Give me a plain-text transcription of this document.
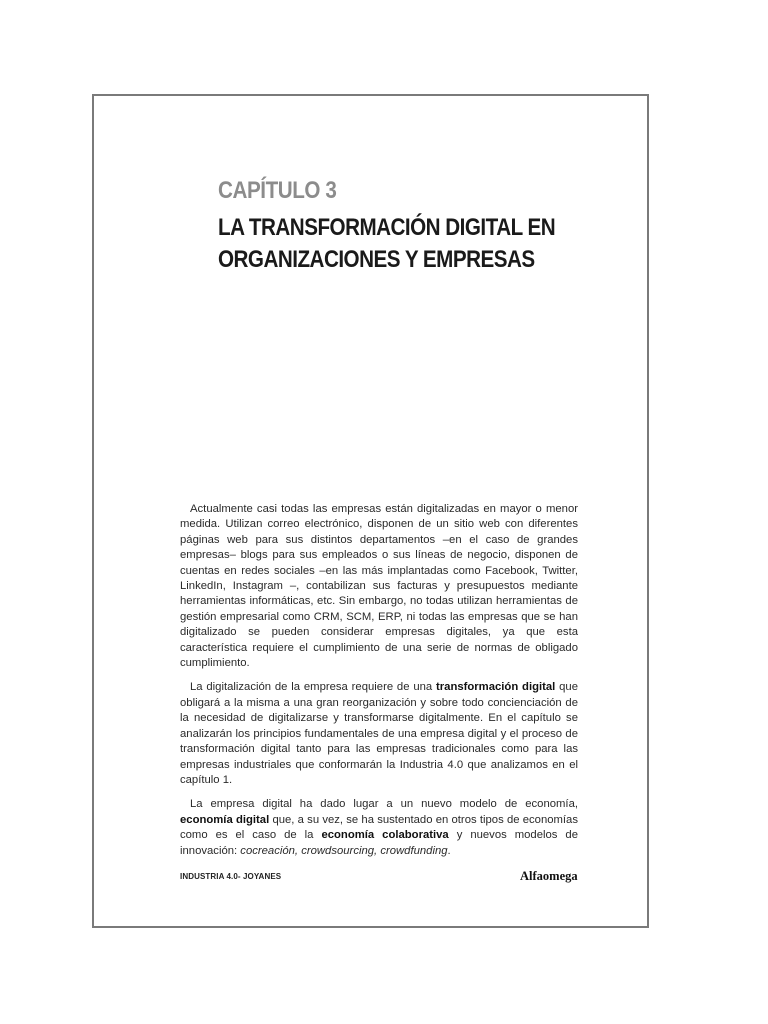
CAPÍTULO 3
LA TRANSFORMACIÓN DIGITAL EN
ORGANIZACIONES Y EMPRESAS

Actualmente casi todas las empresas están digitalizadas en mayor o menor medida. Utilizan correo electrónico, disponen de un sitio web con diferentes páginas web para sus distintos departamentos –en el caso de grandes empresas– blogs para sus empleados o sus líneas de negocio, disponen de cuentas en redes sociales –en las más implantadas como Facebook, Twitter, LinkedIn, Instagram –, contabilizan sus facturas y presupuestos mediante herramientas informáticas, etc. Sin embargo, no todas utilizan herramientas de gestión empresarial como CRM, SCM, ERP, ni todas las empresas que se han digitalizado se pueden considerar empresas digitales, ya que esta característica requiere el cumplimiento de una serie de normas de obligado cumplimiento.

La digitalización de la empresa requiere de una transformación digital que obligará a la misma a una gran reorganización y sobre todo concienciación de la necesidad de digitalizarse y transformarse digitalmente. En el capítulo se analizarán los principios fundamentales de una empresa digital y el proceso de transformación digital tanto para las empresas tradicionales como para las empresas industriales que conformarán la Industria 4.0 que analizamos en el capítulo 1.

La empresa digital ha dado lugar a un nuevo modelo de economía, economía digital que, a su vez, se ha sustentado en otros tipos de economías como es el caso de la economía colaborativa y nuevos modelos de innovación: cocreación, crowdsourcing, crowdfunding.

INDUSTRIA 4.0- JOYANES	Alfaomega
